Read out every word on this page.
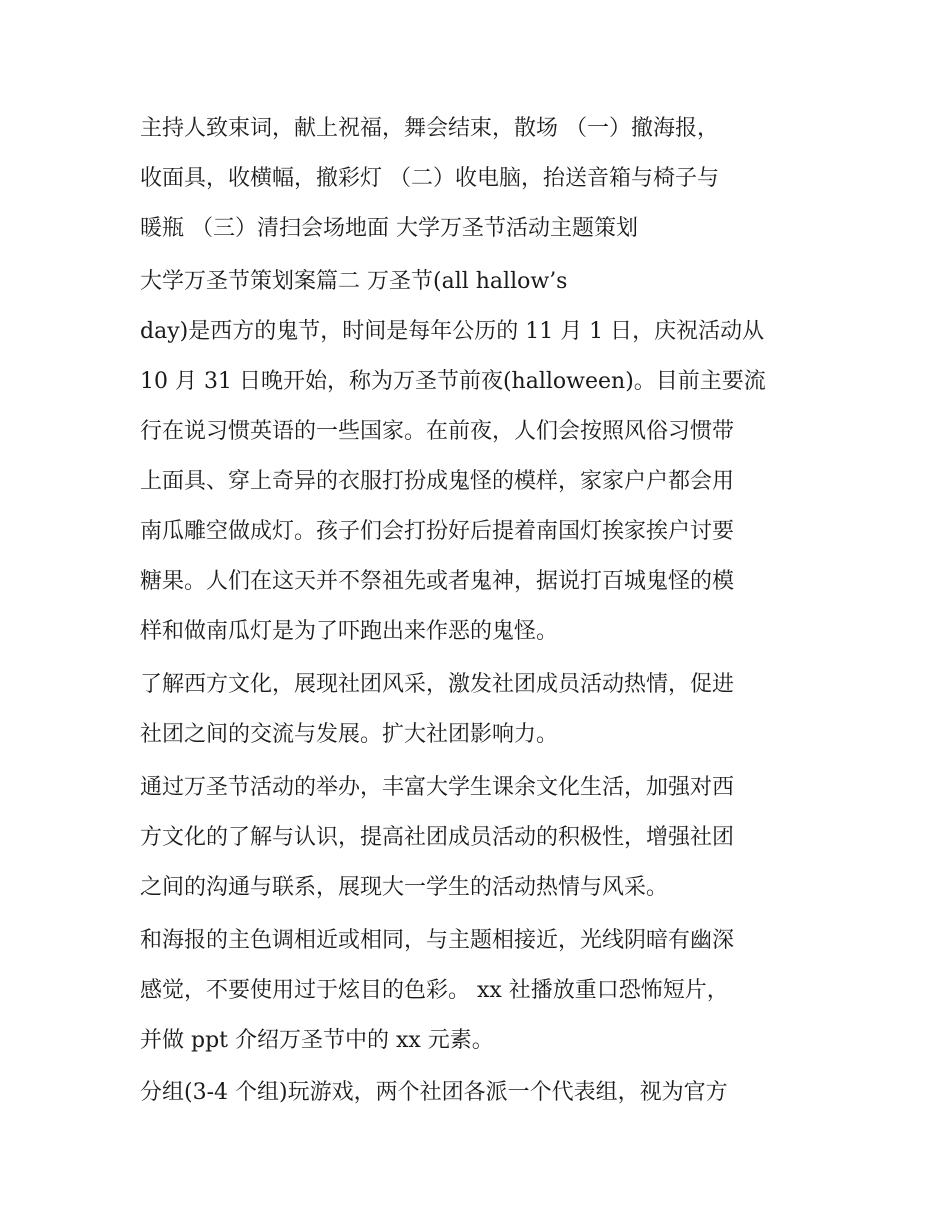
主持人致束词，献上祝福，舞会结束，散场 （一）撤海报，
收面具，收横幅，撤彩灯 （二）收电脑，抬送音箱与椅子与
暖瓶 （三）清扫会场地面 大学万圣节活动主题策划
大学万圣节策划案篇二 万圣节(all hallow’s
day)是西方的鬼节，时间是每年公历的 11 月 1 日，庆祝活动从
10 月 31 日晚开始，称为万圣节前夜(halloween)。目前主要流
行在说习惯英语的一些国家。在前夜，人们会按照风俗习惯带
上面具、穿上奇异的衣服打扮成鬼怪的模样，家家户户都会用
南瓜雕空做成灯。孩子们会打扮好后提着南国灯挨家挨户讨要
糖果。人们在这天并不祭祖先或者鬼神，据说打百城鬼怪的模
样和做南瓜灯是为了吓跑出来作恶的鬼怪。
了解西方文化，展现社团风采，激发社团成员活动热情，促进
社团之间的交流与发展。扩大社团影响力。
通过万圣节活动的举办，丰富大学生课余文化生活，加强对西
方文化的了解与认识，提高社团成员活动的积极性，增强社团
之间的沟通与联系，展现大一学生的活动热情与风采。
和海报的主色调相近或相同，与主题相接近，光线阴暗有幽深
感觉，不要使用过于炫目的色彩。 xx 社播放重口恐怖短片，
并做 ppt 介绍万圣节中的 xx 元素。
分组(3-4 个组)玩游戏，两个社团各派一个代表组，视为官方
